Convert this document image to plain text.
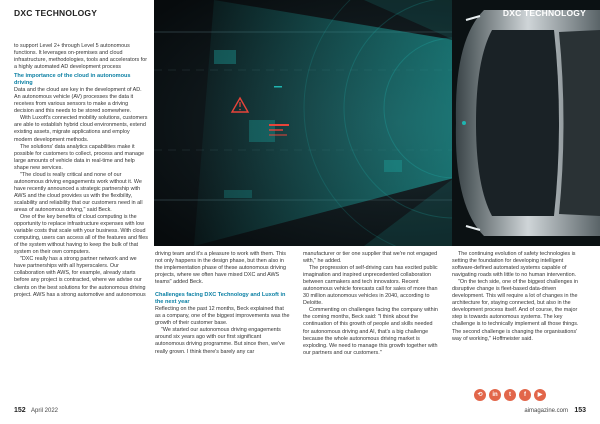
DXC TECHNOLOGY	DXC TECHNOLOGY

to support Level 2+ through Level 5 autonomous functions. It leverages on-premises and cloud infrastructure, methodologies, tools and accelerators for a highly automated AD development process

The importance of the cloud in autonomous driving

Data and the cloud are key in the development of AD. An autonomous vehicle (AV) processes the data it receives from various sensors to make a driving decision and this needs to be stored somewhere.

With Luxoft's connected mobility solutions, customers are able to establish hybrid cloud environments, extend existing assets, migrate applications and employ modern development methods.

The solutions' data analytics capabilities make it possible for customers to collect, process and manage large amounts of vehicle data in real-time and help shape new services.

"The cloud is really critical and none of our autonomous driving engagements work without it. We have recently announced a strategic partnership with AWS and the cloud provides us with the flexibility, scalability and reliability that our customers need in all areas of autonomous driving," said Beck.

One of the key benefits of cloud computing is the opportunity to replace infrastructure expenses with low variable costs that scale with your business. With cloud computing, users can access all of the features and files of the system without having to keep the bulk of that system on their own computers.

"DXC really has a strong partner network and we have partnerships with all hyperscalers. Our collaboration with AWS, for example, already starts before any project is contracted, where we advise our clients on the best solutions for the autonomous driving project. AWS has a strong automotive and autonomous

driving team and it's a pleasure to work with them. This not only happens in the design phase, but then also in the implementation phase of these autonomous driving projects, where we often have mixed DXC and AWS teams" added Beck.

Challenges facing DXC Technology and Luxoft in the next year

Reflecting on the past 12 months, Beck explained that as a company, one of the biggest improvements was the growth of their customer base.

"We started our autonomous driving engagements around six years ago with our first significant autonomous driving programme. But since then, we've really grown. I think there's barely any car

manufacturer or tier one supplier that we're not engaged with," he added.

The progression of self-driving cars has excited public imagination and inspired unprecedented collaboration between carmakers and tech innovators. Recent autonomous vehicle forecasts call for sales of more than 30 million autonomous vehicles in 2040, according to Deloitte.

Commenting on challenges facing the company within the coming months, Beck said: "I think about the continuation of this growth of people and skills needed for autonomous driving and AI, that's a big challenge because the whole autonomous driving market is exploding. We need to manage this growth together with our partners and our customers."

The continuing evolution of safety technologies is setting the foundation for developing intelligent software-defined automated systems capable of navigating roads with little to no human intervention.

"On the tech side, one of the biggest challenges in disruptive change is fleet-based data-driven development. This will require a lot of changes in the architecture for, staying connected, but also in the development process itself. And of course, the major step is towards autonomous systems. The key challenge is to technically implement all those things. The second challenge is changing the organisations' way of working," Hoffmeister said.

⟲	in	t	f	▶
152 April 2022	aimagazine.com 153
